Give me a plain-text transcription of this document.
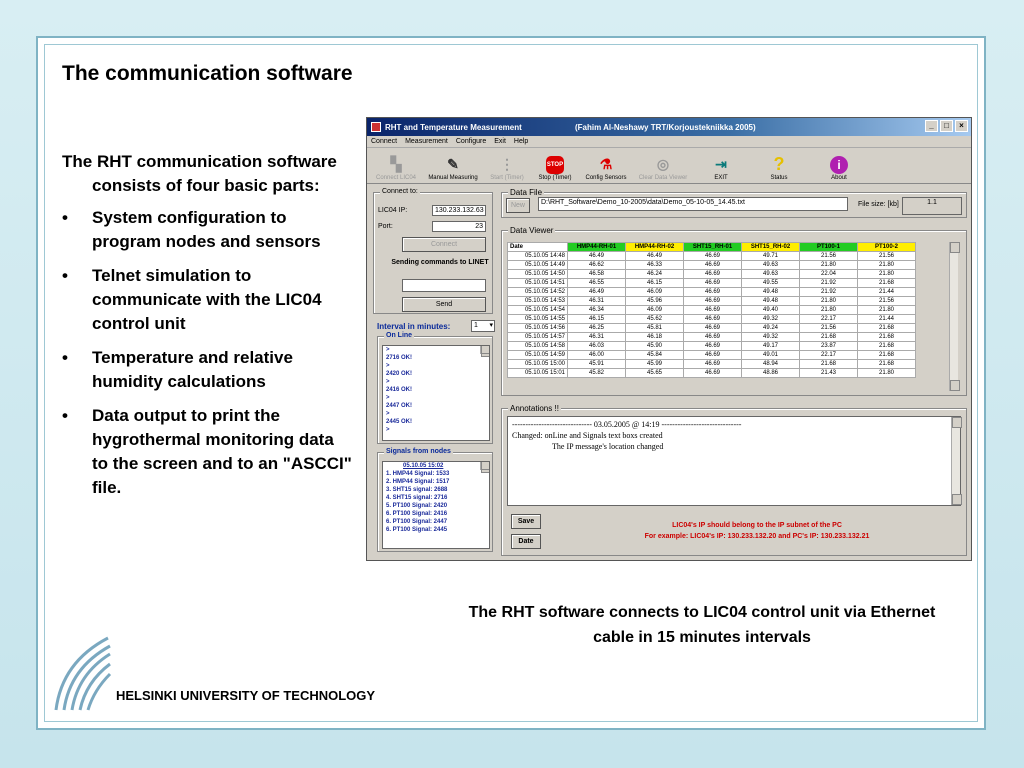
The communication software
The RHT communication software consists of four basic parts:
• System configuration to program nodes and sensors
• Telnet simulation to communicate with the LIC04 control unit
• Temperature and relative humidity calculations
• Data output to print the hygrothermal monitoring data to the screen and to an "ASCCI" file.
The RHT software connects to LIC04 control unit via Ethernet cable in 15 minutes intervals
HELSINKI UNIVERSITY OF TECHNOLOGY
RHT and Temperature Measurement	(Fahim Al-Neshawy TRT/Korjoustekniikka 2005)	_	□	×
Connect Measurement Configure Exit Help
▚
Connect LIC04
✎
Manual Measuring
⋮
Start (Timer)
STOP
Stop (Timer)
⚗
Config Sensors
◎
Clear Data Viewer
⇥
EXIT
?
Status
i
About
Connect to:
LIC04 IP:	130.233.132.63
Port:	23
Connect
Sending commands to LINET
Send
Interval in minutes:	1 ▾
On Line
>
2716 OK!
>
2420 OK!
>
2416 OK!
>
2447 OK!
>
2445 OK!
>
Signals from nodes
05.10.05 15:02
1. HMP44 Signal: 1533
2. HMP44 Signal: 1517
3. SHT15 signal: 2688
4. SHT15 signal: 2716
5. PT100 Signal: 2420
6. PT100 Signal: 2416
6. PT100 Signal: 2447
6. PT100 Signal: 2445
Data File
New	D:\RHT_Software\Demo_10-2005\data\Demo_05-10-05_14.45.txt	File size: [kb]	1.1
Data Viewer
Date	HMP44-RH-01	HMP44-RH-02	SHT15_RH-01	SHT15_RH-02	PT100-1	PT100-2
05.10.05 14:48	46.49	46.49	46.69	49.71	21.56	21.56
05.10.05 14:49	46.62	46.33	46.69	49.63	21.80	21.80
05.10.05 14:50	46.58	46.24	46.69	49.63	22.04	21.80
05.10.05 14:51	46.55	46.15	46.69	49.55	21.92	21.68
05.10.05 14:52	46.49	46.09	46.69	49.48	21.92	21.44
05.10.05 14:53	46.31	45.96	46.69	49.48	21.80	21.56
05.10.05 14:54	46.34	46.09	46.69	49.40	21.80	21.80
05.10.05 14:55	46.15	45.62	46.69	49.32	22.17	21.44
05.10.05 14:56	46.25	45.81	46.69	49.24	21.56	21.68
05.10.05 14:57	46.31	46.18	46.69	49.32	21.68	21.68
05.10.05 14:58	46.03	45.90	46.69	49.17	23.87	21.68
05.10.05 14:59	46.00	45.84	46.69	49.01	22.17	21.68
05.10.05 15:00	45.91	45.99	46.69	48.94	21.68	21.68
05.10.05 15:01	45.82	45.65	46.69	48.86	21.43	21.80
Annotations !!
------------------------------ 03.05.2005 @ 14:19 ------------------------------
Changed: onLine and Signals text boxs created
The IP message's location changed
Save
Date
LIC04's IP should belong to the IP subnet of the PC
For example: LIC04's IP: 130.233.132.20 and PC's IP: 130.233.132.21
